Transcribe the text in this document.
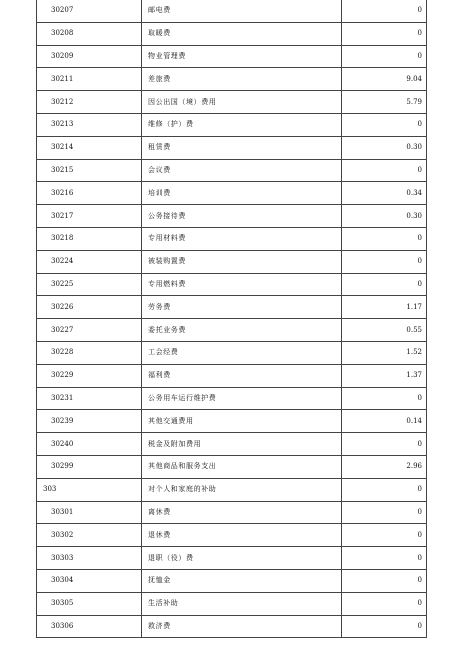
30207	邮电费	0
30208	取暖费	0
30209	物业管理费	0
30211	差旅费	9.04
30212	因公出国（境）费用	5.79
30213	维修（护）费	0
30214	租赁费	0.30
30215	会议费	0
30216	培训费	0.34
30217	公务接待费	0.30
30218	专用材料费	0
30224	被装购置费	0
30225	专用燃料费	0
30226	劳务费	1.17
30227	委托业务费	0.55
30228	工会经费	1.52
30229	福利费	1.37
30231	公务用车运行维护费	0
30239	其他交通费用	0.14
30240	税金及附加费用	0
30299	其他商品和服务支出	2.96
303	对个人和家庭的补助	0
30301	离休费	0
30302	退休费	0
30303	退职（役）费	0
30304	抚恤金	0
30305	生活补助	0
30306	救济费	0
